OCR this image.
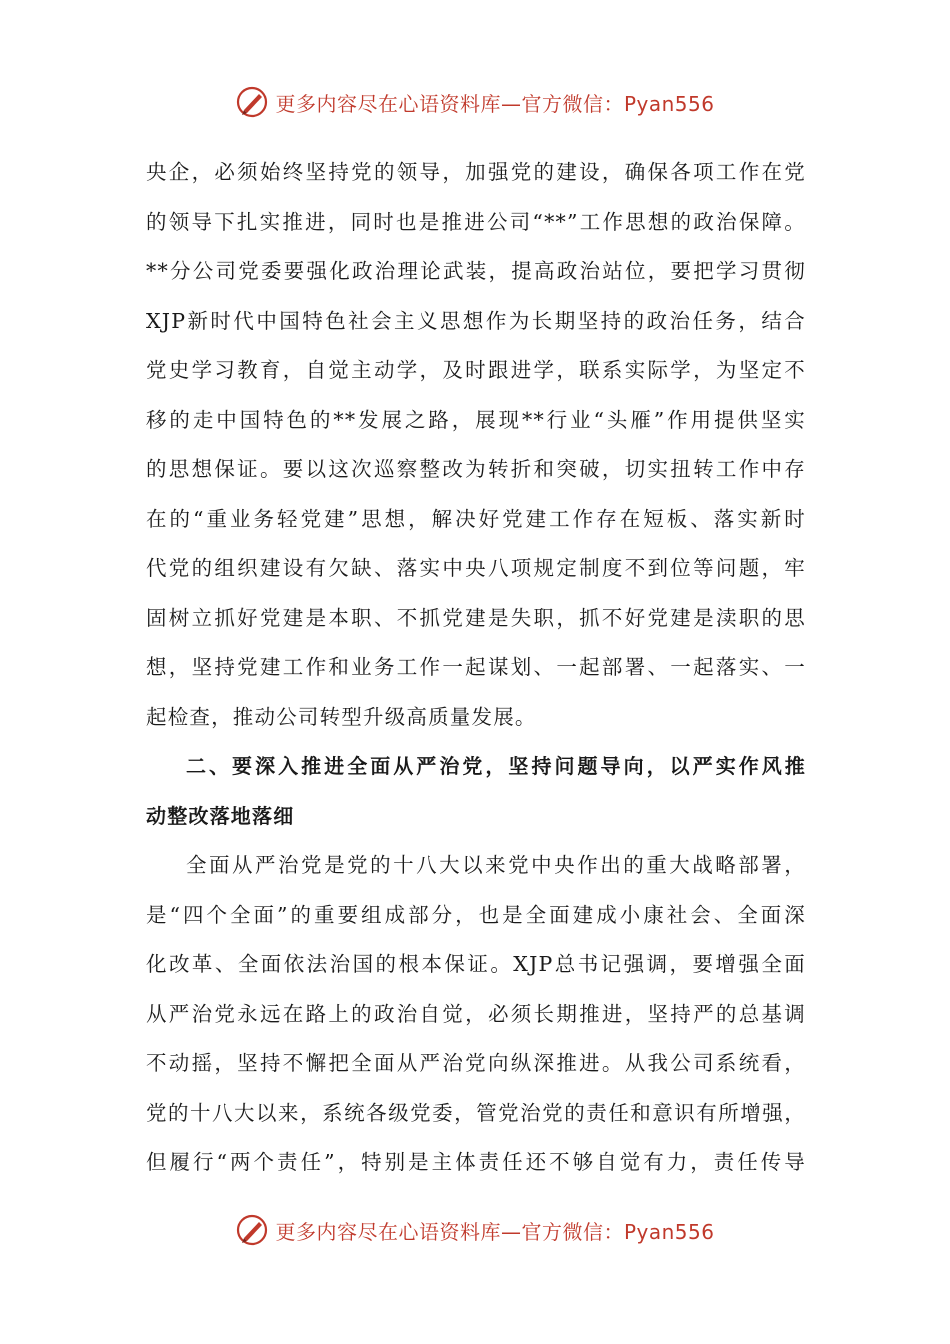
更多内容尽在心语资料库—官方微信：Pyan556
央企，必须始终坚持党的领导，加强党的建设，确保各项工作在党
的领导下扎实推进，同时也是推进公司“**”工作思想的政治保障。
**分公司党委要强化政治理论武装，提高政治站位，要把学习贯彻
XJP新时代中国特色社会主义思想作为长期坚持的政治任务，结合
党史学习教育，自觉主动学，及时跟进学，联系实际学，为坚定不
移的走中国特色的**发展之路，展现**行业“头雁”作用提供坚实
的思想保证。要以这次巡察整改为转折和突破，切实扭转工作中存
在的“重业务轻党建”思想，解决好党建工作存在短板、落实新时
代党的组织建设有欠缺、落实中央八项规定制度不到位等问题，牢
固树立抓好党建是本职、不抓党建是失职，抓不好党建是渎职的思
想，坚持党建工作和业务工作一起谋划、一起部署、一起落实、一
起检查，推动公司转型升级高质量发展。
二、要深入推进全面从严治党，坚持问题导向，以严实作风推
动整改落地落细
全面从严治党是党的十八大以来党中央作出的重大战略部署，
是“四个全面”的重要组成部分，也是全面建成小康社会、全面深
化改革、全面依法治国的根本保证。XJP总书记强调，要增强全面
从严治党永远在路上的政治自觉，必须长期推进，坚持严的总基调
不动摇，坚持不懈把全面从严治党向纵深推进。从我公司系统看，
党的十八大以来，系统各级党委，管党治党的责任和意识有所增强，
但履行“两个责任”，特别是主体责任还不够自觉有力，责任传导
更多内容尽在心语资料库—官方微信：Pyan556
